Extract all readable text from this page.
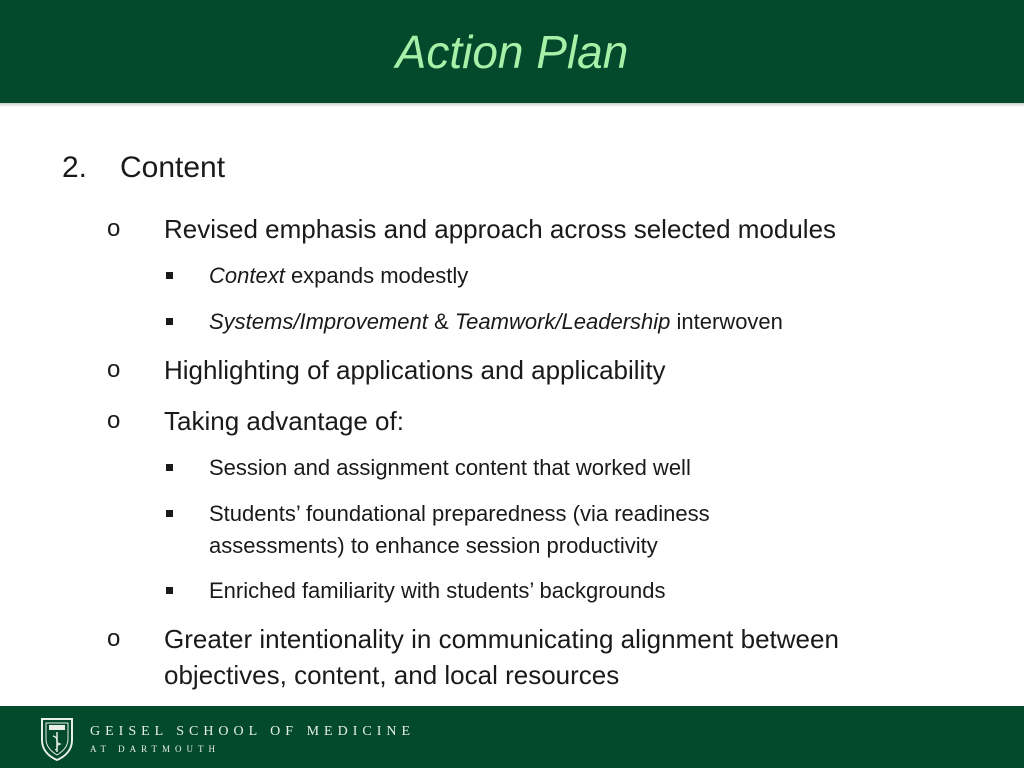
Action Plan
2. Content
o Revised emphasis and approach across selected modules
Context expands modestly
Systems/Improvement & Teamwork/Leadership interwoven
o Highlighting of applications and applicability
o Taking advantage of:
Session and assignment content that worked well
Students’ foundational preparedness (via readiness assessments) to enhance session productivity
Enriched familiarity with students’ backgrounds
o Greater intentionality in communicating alignment between objectives, content, and local resources
GEISEL SCHOOL OF MEDICINE
AT DARTMOUTH
